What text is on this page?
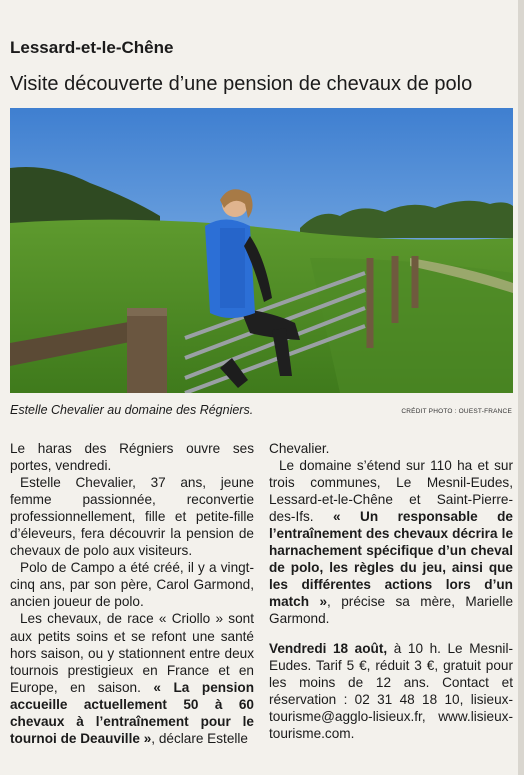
Lessard-et-le-Chêne
Visite découverte d’une pension de chevaux de polo
Estelle Chevalier au domaine des Régniers.	CRÉDIT PHOTO : OUEST-FRANCE

Le haras des Régniers ouvre ses portes, vendredi.

Estelle Chevalier, 37 ans, jeune femme passionnée, reconvertie professionnellement, fille et petite-fille d’éleveurs, fera découvrir la pension de chevaux de polo aux visiteurs.

Polo de Campo a été créé, il y a vingt-cinq ans, par son père, Carol Garmond, ancien joueur de polo.

Les chevaux, de race « Criollo » sont aux petits soins et se refont une santé hors saison, ou y stationnent entre deux tournois prestigieux en France et en Europe, en saison. « La pension accueille actuellement 50 à 60 chevaux à l’entraînement pour le tournoi de Deauville », déclare Estelle

Chevalier.

Le domaine s’étend sur 110 ha et sur trois communes, Le Mesnil-Eudes, Lessard-et-le-Chêne et Saint-Pierre-des-Ifs. « Un responsable de l’entraînement des chevaux décrira le harnachement spécifique d’un cheval de polo, les règles du jeu, ainsi que les différentes actions lors d’un match », précise sa mère, Marielle Garmond.

Vendredi 18 août, à 10 h. Le Mesnil-Eudes. Tarif 5 €, réduit 3 €, gratuit pour les moins de 12 ans. Contact et réservation : 02 31 48 18 10, lisieux-tourisme@agglo-lisieux.fr, www.lisieux-tourisme.com.
